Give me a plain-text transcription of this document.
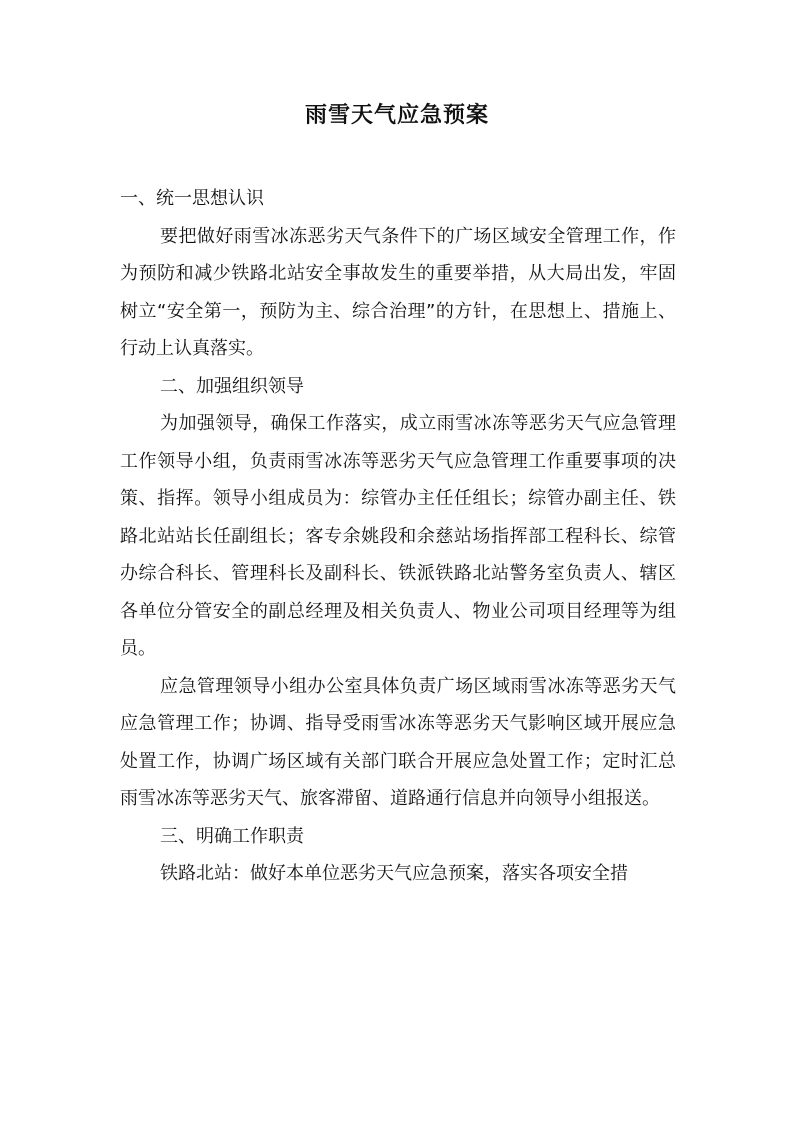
雨雪天气应急预案

一、统一思想认识

要把做好雨雪冰冻恶劣天气条件下的广场区域安全管理工作，作为预防和减少铁路北站安全事故发生的重要举措，从大局出发，牢固树立“安全第一，预防为主、综合治理”的方针，在思想上、措施上、行动上认真落实。

二、加强组织领导

为加强领导，确保工作落实，成立雨雪冰冻等恶劣天气应急管理工作领导小组，负责雨雪冰冻等恶劣天气应急管理工作重要事项的决策、指挥。领导小组成员为：综管办主任任组长；综管办副主任、铁路北站站长任副组长；客专余姚段和余慈站场指挥部工程科长、综管办综合科长、管理科长及副科长、铁派铁路北站警务室负责人、辖区各单位分管安全的副总经理及相关负责人、物业公司项目经理等为组员。

应急管理领导小组办公室具体负责广场区域雨雪冰冻等恶劣天气应急管理工作；协调、指导受雨雪冰冻等恶劣天气影响区域开展应急处置工作，协调广场区域有关部门联合开展应急处置工作；定时汇总雨雪冰冻等恶劣天气、旅客滞留、道路通行信息并向领导小组报送。

三、明确工作职责

铁路北站：做好本单位恶劣天气应急预案，落实各项安全措
